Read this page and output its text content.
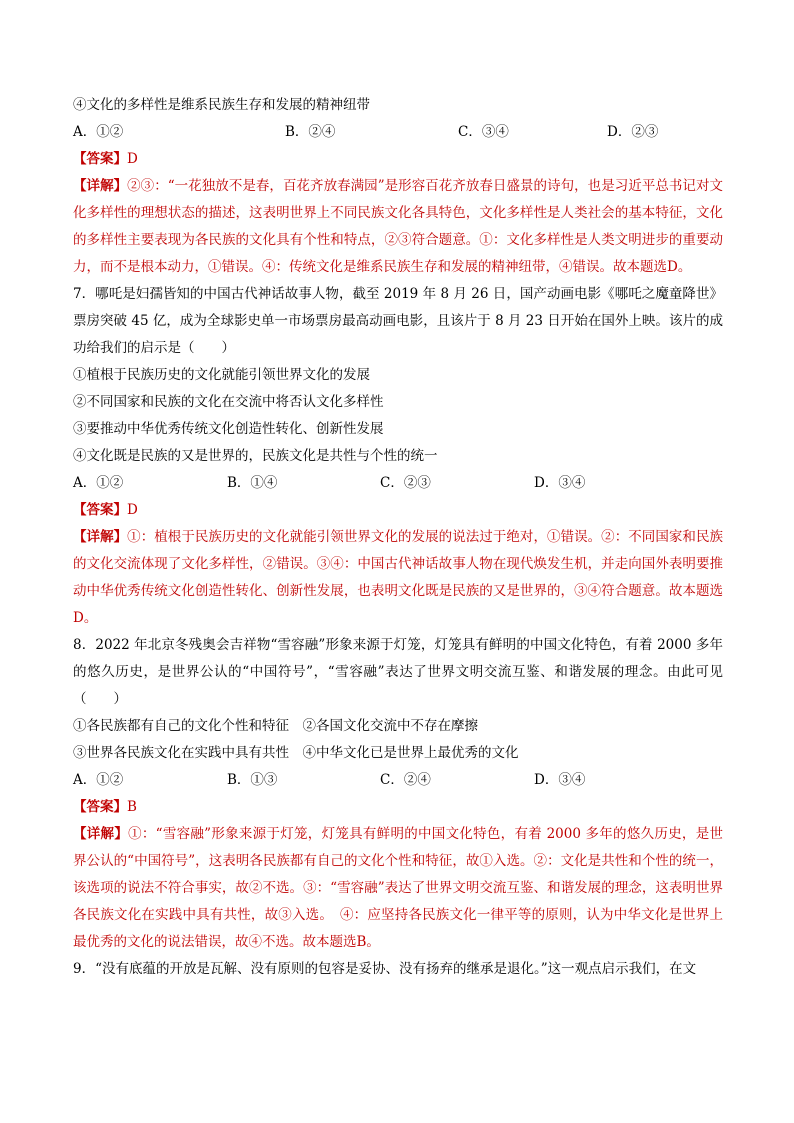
④文化的多样性是维系民族生存和发展的精神纽带
A．①②	B．②④	C．③④	D．②③
【答案】D
【详解】②③：“一花独放不是春，百花齐放春满园”是形容百花齐放春日盛景的诗句，也是习近平总书记对文化多样性的理想状态的描述，这表明世界上不同民族文化各具特色，文化多样性是人类社会的基本特征，文化的多样性主要表现为各民族的文化具有个性和特点，②③符合题意。①：文化多样性是人类文明进步的重要动力，而不是根本动力，①错误。④：传统文化是维系民族生存和发展的精神纽带，④错误。故本题选D。
7．哪吒是妇孺皆知的中国古代神话故事人物，截至 2019 年 8 月 26 日，国产动画电影《哪吒之魔童降世》票房突破 45 亿，成为全球影史单一市场票房最高动画电影，且该片于 8 月 23 日开始在国外上映。该片的成功给我们的启示是（　　）
①植根于民族历史的文化就能引领世界文化的发展
②不同国家和民族的文化在交流中将否认文化多样性
③要推动中华优秀传统文化创造性转化、创新性发展
④文化既是民族的又是世界的，民族文化是共性与个性的统一
A．①②	B．①④	C．②③	D．③④
【答案】D
【详解】①：植根于民族历史的文化就能引领世界文化的发展的说法过于绝对，①错误。②：不同国家和民族的文化交流体现了文化多样性，②错误。③④：中国古代神话故事人物在现代焕发生机，并走向国外表明要推动中华优秀传统文化创造性转化、创新性发展，也表明文化既是民族的又是世界的，③④符合题意。故本题选D。
8．2022 年北京冬残奥会吉祥物“雪容融”形象来源于灯笼，灯笼具有鲜明的中国文化特色，有着 2000 多年的悠久历史，是世界公认的“中国符号”，“雪容融”表达了世界文明交流互鉴、和谐发展的理念。由此可见（　　）
①各民族都有自己的文化个性和特征　②各国文化交流中不存在摩擦
③世界各民族文化在实践中具有共性　④中华文化已是世界上最优秀的文化
A．①②	B．①③	C．②④	D．③④
【答案】B
【详解】①：“雪容融”形象来源于灯笼，灯笼具有鲜明的中国文化特色，有着 2000 多年的悠久历史，是世界公认的“中国符号”，这表明各民族都有自己的文化个性和特征，故①入选。②：文化是共性和个性的统一，该选项的说法不符合事实，故②不选。③：“雪容融”表达了世界文明交流互鉴、和谐发展的理念，这表明世界各民族文化在实践中具有共性，故③入选。　④：应坚持各民族文化一律平等的原则，认为中华文化是世界上最优秀的文化的说法错误，故④不选。故本题选B。
9．“没有底蕴的开放是瓦解、没有原则的包容是妥协、没有扬弃的继承是退化。”这一观点启示我们，在文
